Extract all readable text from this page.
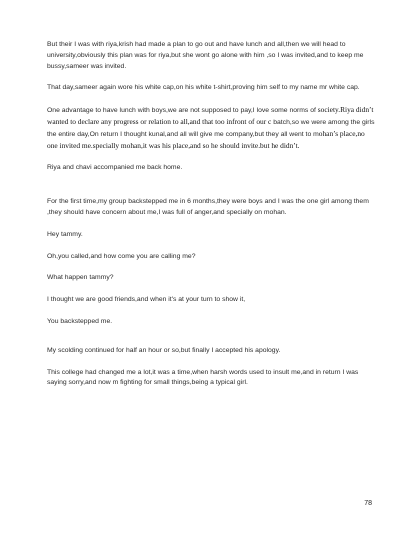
But their I was with riya,krish had made a plan to go out and have lunch and all,then we will head to university,obviously this plan was for riya,but she wont go alone with him ,so I was invited,and to keep me bussy,sameer was invited.

That day,sameer again wore his white cap,on his white t-shirt,proving him self to my name mr white cap.

One advantage to have lunch with boys,we are not supposed to pay,I love some norms of society.Riya didn’t wanted to declare any progress or relation to all,and that too infront of our c batch,so we were among the girls the entire day,On return I thought kunal,and all will give me company,but they all went to mohan’s place,no one invited me.specially mohan,it was his place,and so he should invite.but he didn’t.

Riya and chavi accompanied me back home.

For the first time,my group backstepped me in 6 months,they were boys and I was the one girl among them ,they should have concern about me,I was full of anger,and specially on mohan.

Hey tammy.

Oh,you called,and how come you are calling me?

What happen tammy?

I thought we are good friends,and when it's at your turn to show it,

You backstepped me.

My scolding continued for half an hour or so,but finally I accepted his apology.

This college had changed me a lot,it was a time,when harsh words used to insult me,and in return I was saying sorry,and now m fighting for small things,being a typical girl.

78
